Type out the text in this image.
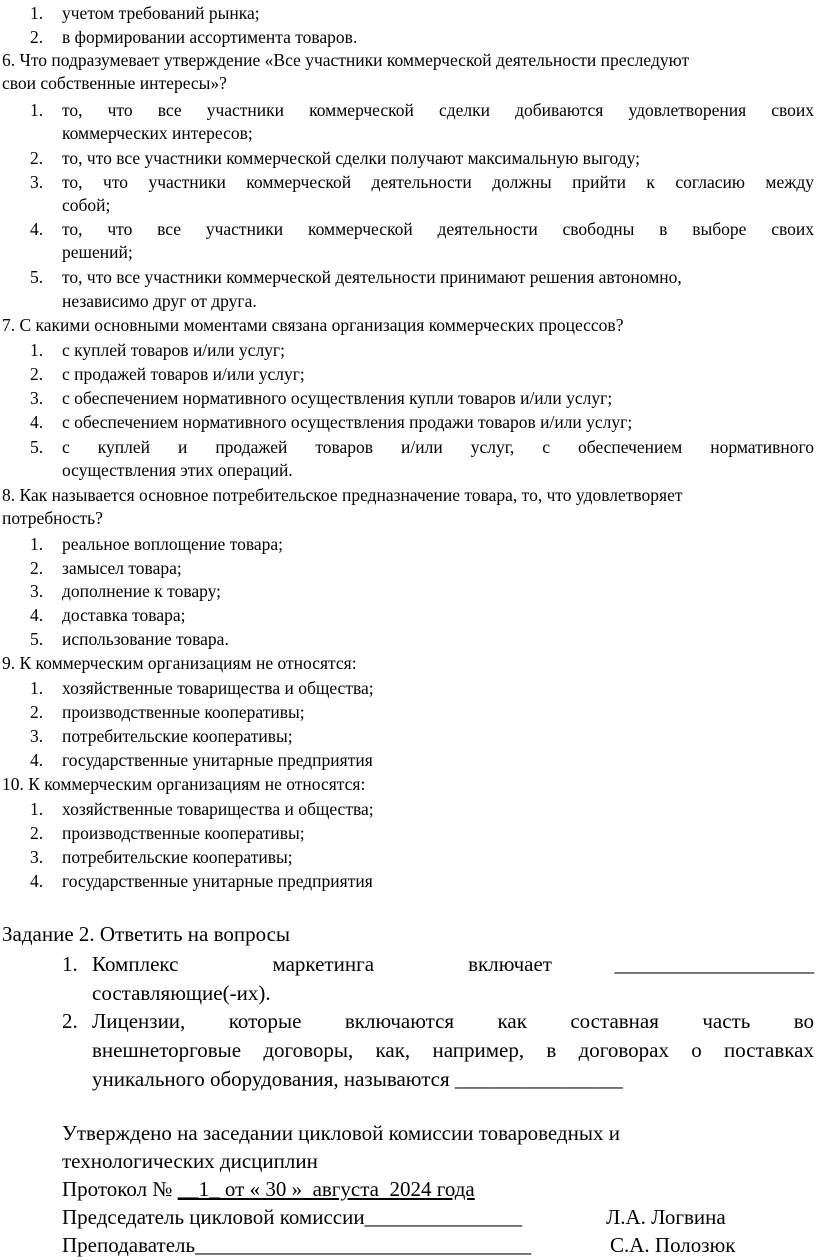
1.	учетом требований рынка;
2.	в формировании ассортимента товаров.
6. Что подразумевает утверждение «Все участники коммерческой деятельности преследуют
свои собственные интересы»?
1.	то, что все участники коммерческой сделки добиваются удовлетворения своих
коммерческих интересов;
2.	то, что все участники коммерческой сделки получают максимальную выгоду;
3.	то, что участники коммерческой деятельности должны прийти к согласию между
собой;
4.	то, что все участники коммерческой деятельности свободны в выборе своих
решений;
5.	то, что все участники коммерческой деятельности принимают решения автономно,
независимо друг от друга.
7. С какими основными моментами связана организация коммерческих процессов?
1.	с куплей товаров и/или услуг;
2.	с продажей товаров и/или услуг;
3.	с обеспечением нормативного осуществления купли товаров и/или услуг;
4.	с обеспечением нормативного осуществления продажи товаров и/или услуг;
5.	с куплей и продажей товаров и/или услуг, с обеспечением нормативного
осуществления этих операций.
8. Как называется основное потребительское предназначение товара, то, что удовлетворяет
потребность?
1.	реальное воплощение товара;
2.	замысел товара;
3.	дополнение к товару;
4.	доставка товара;
5.	использование товара.
9. К коммерческим организациям не относятся:
1.	хозяйственные товарищества и общества;
2.	производственные кооперативы;
3.	потребительские кооперативы;
4.	государственные унитарные предприятия
10. К коммерческим организациям не относятся:
1.	хозяйственные товарищества и общества;
2.	производственные кооперативы;
3.	потребительские кооперативы;
4.	государственные унитарные предприятия
Задание 2. Ответить на вопросы
1. Комплекс	маркетинга	включает	___________________
составляющие(-их).
2. Лицензии, которые включаются как составная часть во
внешнеторговые договоры, как, например, в договорах о поставках
уникального оборудования, называются ________________
Утверждено на заседании цикловой комиссии товароведных и
технологических дисциплин
Протокол № __1_ от « 30 »  августа  2024 года
Председатель цикловой комиссии_______________	Л.А. Логвина
Преподаватель________________________________	С.А. Полозюк
